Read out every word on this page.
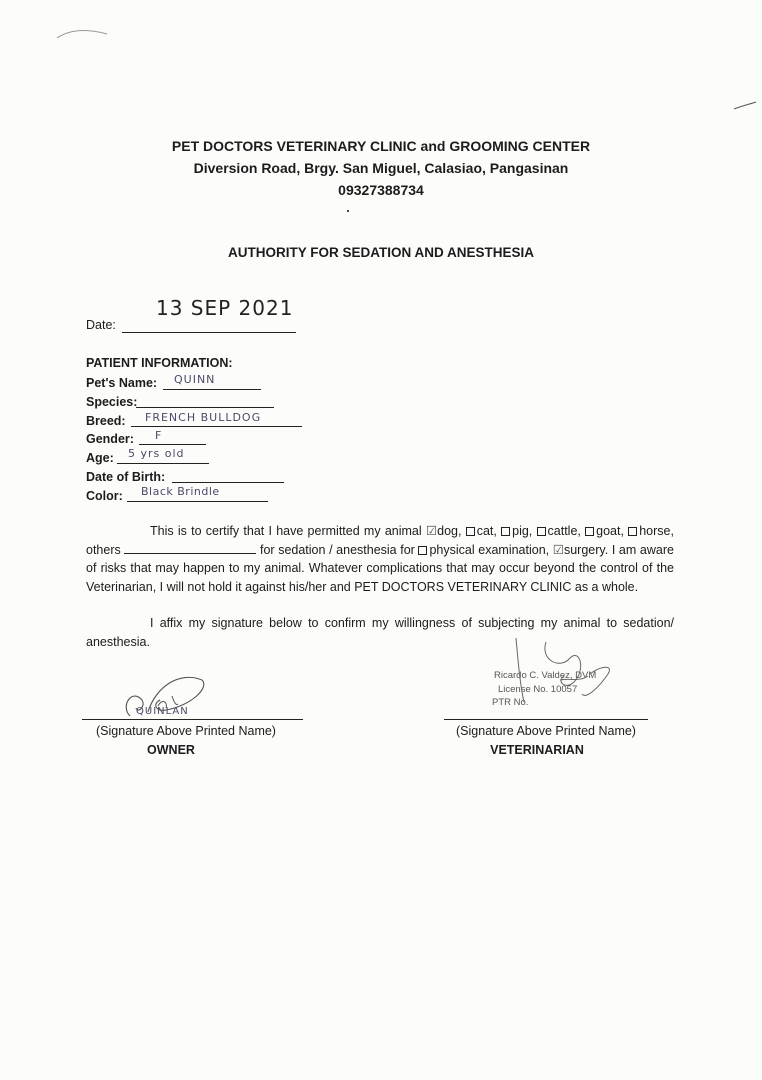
PET DOCTORS VETERINARY CLINIC and GROOMING CENTER
Diversion Road, Brgy. San Miguel, Calasiao, Pangasinan
09327388734
AUTHORITY FOR SEDATION AND ANESTHESIA
13 SEP 2021
Date:
PATIENT INFORMATION:
Pet's Name: QUINN
Species:
Breed: FRENCH BULLDOG
Gender: F
Age: 5 yrs old
Date of Birth:
Color: Black Brindle
This is to certify that I have permitted my animal ☑dog, cat, pig, cattle, goat, horse, others	for sedation / anesthesia for physical examination, ☑surgery. I am aware of risks that may happen to my animal. Whatever complications that may occur beyond the control of the Veterinarian, I will not hold it against his/her and PET DOCTORS VETERINARY CLINIC as a whole.
I affix my signature below to confirm my willingness of subjecting my animal to sedation/ anesthesia.
QUINLAN
(Signature Above Printed Name)
OWNER
Ricardo C. Valdez, DVM
License No. 10057
PTR No.
(Signature Above Printed Name)
VETERINARIAN
